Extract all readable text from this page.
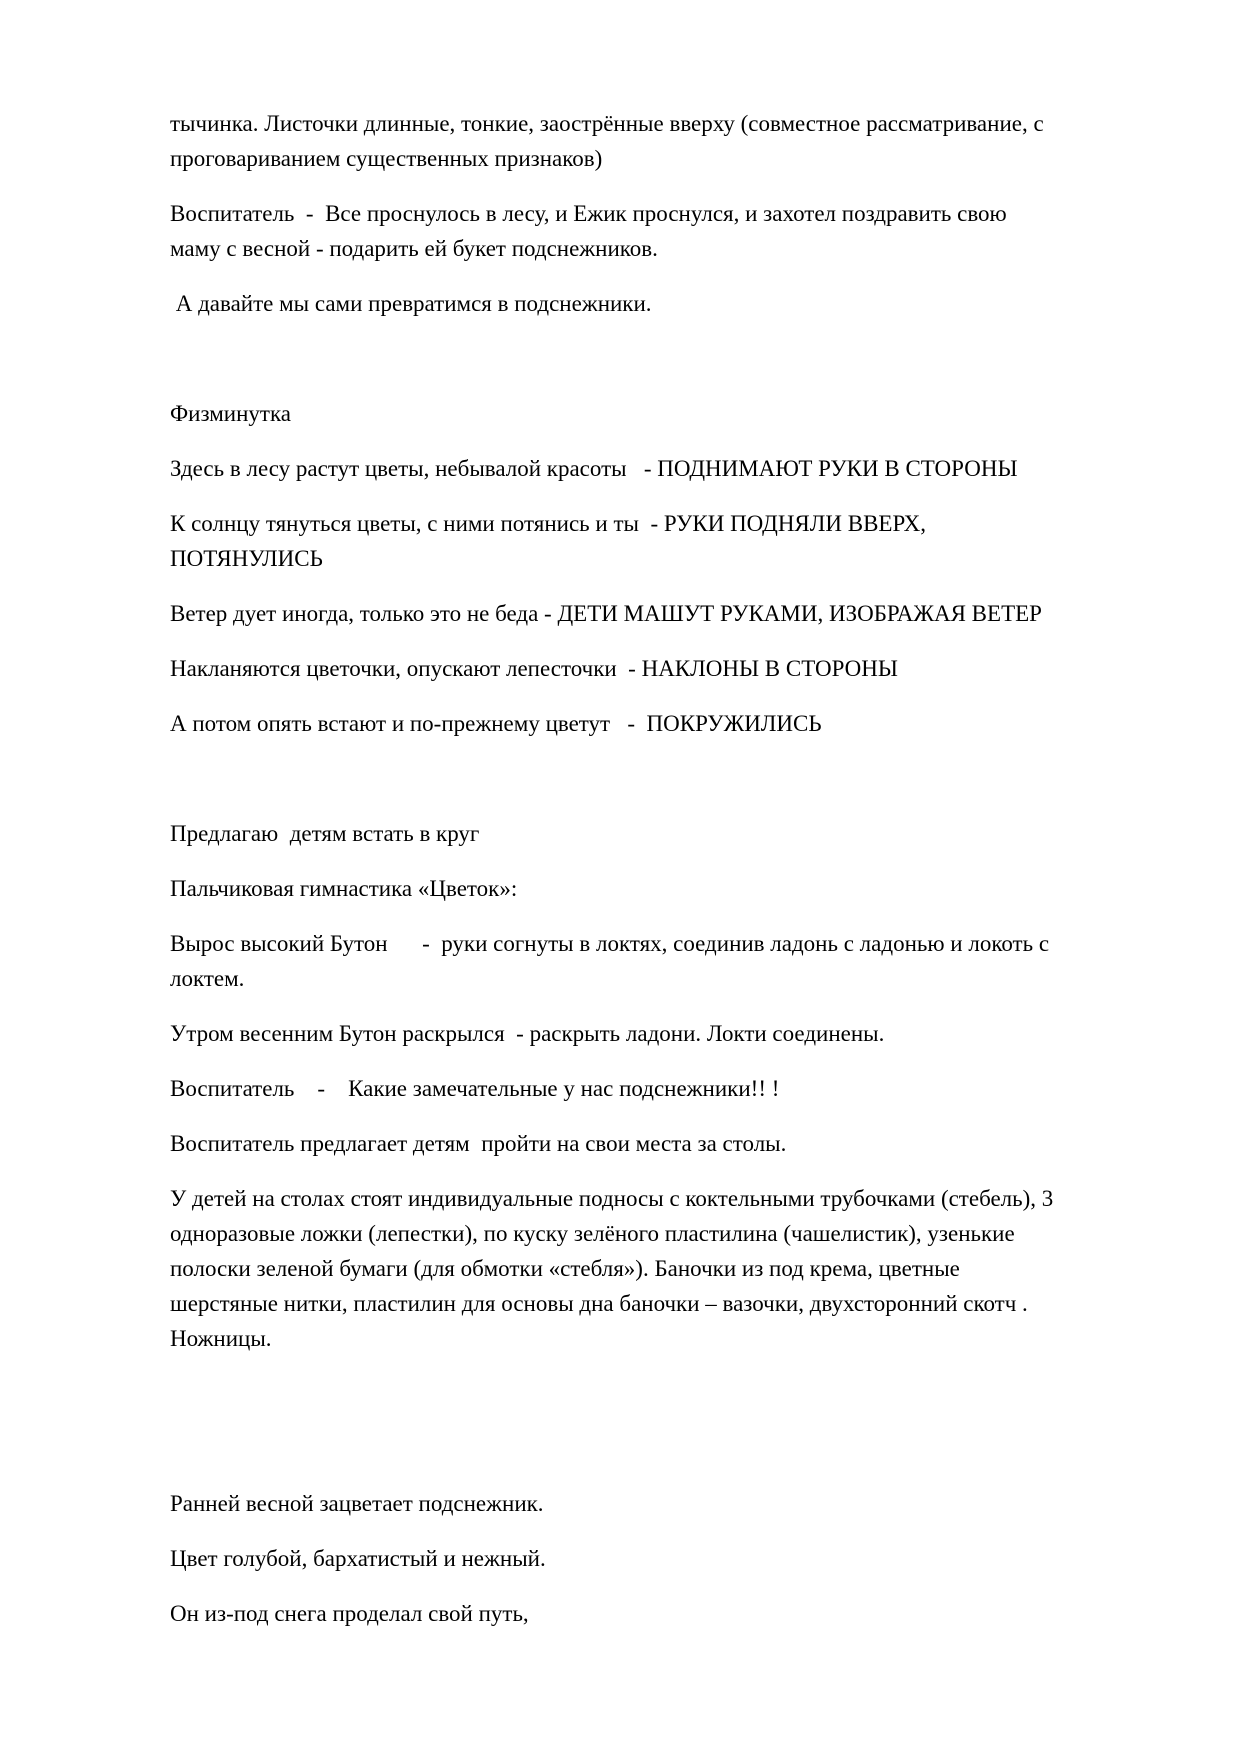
тычинка. Листочки длинные, тонкие, заострённые вверху (совместное рассматривание, с проговариванием существенных признаков)

Воспитатель  -  Все проснулось в лесу, и Ежик проснулся, и захотел поздравить свою маму с весной - подарить ей букет подснежников.

А давайте мы сами превратимся в подснежники.

Физминутка

Здесь в лесу растут цветы, небывалой красоты   - ПОДНИМАЮТ РУКИ В СТОРОНЫ

К солнцу тянуться цветы, с ними потянись и ты  - РУКИ ПОДНЯЛИ ВВЕРХ, ПОТЯНУЛИСЬ

Ветер дует иногда, только это не беда - ДЕТИ МАШУТ РУКАМИ, ИЗОБРАЖАЯ ВЕТЕР

Накланяются цветочки, опускают лепесточки  - НАКЛОНЫ В СТОРОНЫ

А потом опять встают и по-прежнему цветут   -  ПОКРУЖИЛИСЬ

Предлагаю  детям встать в круг

Пальчиковая гимнастика «Цветок»:

Вырос высокий Бутон      -  руки согнуты в локтях, соединив ладонь с ладонью и локоть с локтем.

Утром весенним Бутон раскрылся  - раскрыть ладони. Локти соединены.

Воспитатель    -    Какие замечательные у нас подснежники!! !

Воспитатель предлагает детям  пройти на свои места за столы.

У детей на столах стоят индивидуальные подносы с коктельными трубочками (стебель), 3 одноразовые ложки (лепестки), по куску зелёного пластилина (чашелистик), узенькие полоски зеленой бумаги (для обмотки «стебля»). Баночки из под крема, цветные шерстяные нитки, пластилин для основы дна баночки – вазочки, двухсторонний скотч . Ножницы.

Ранней весной зацветает подснежник.

Цвет голубой, бархатистый и нежный.

Он из-под снега проделал свой путь,
